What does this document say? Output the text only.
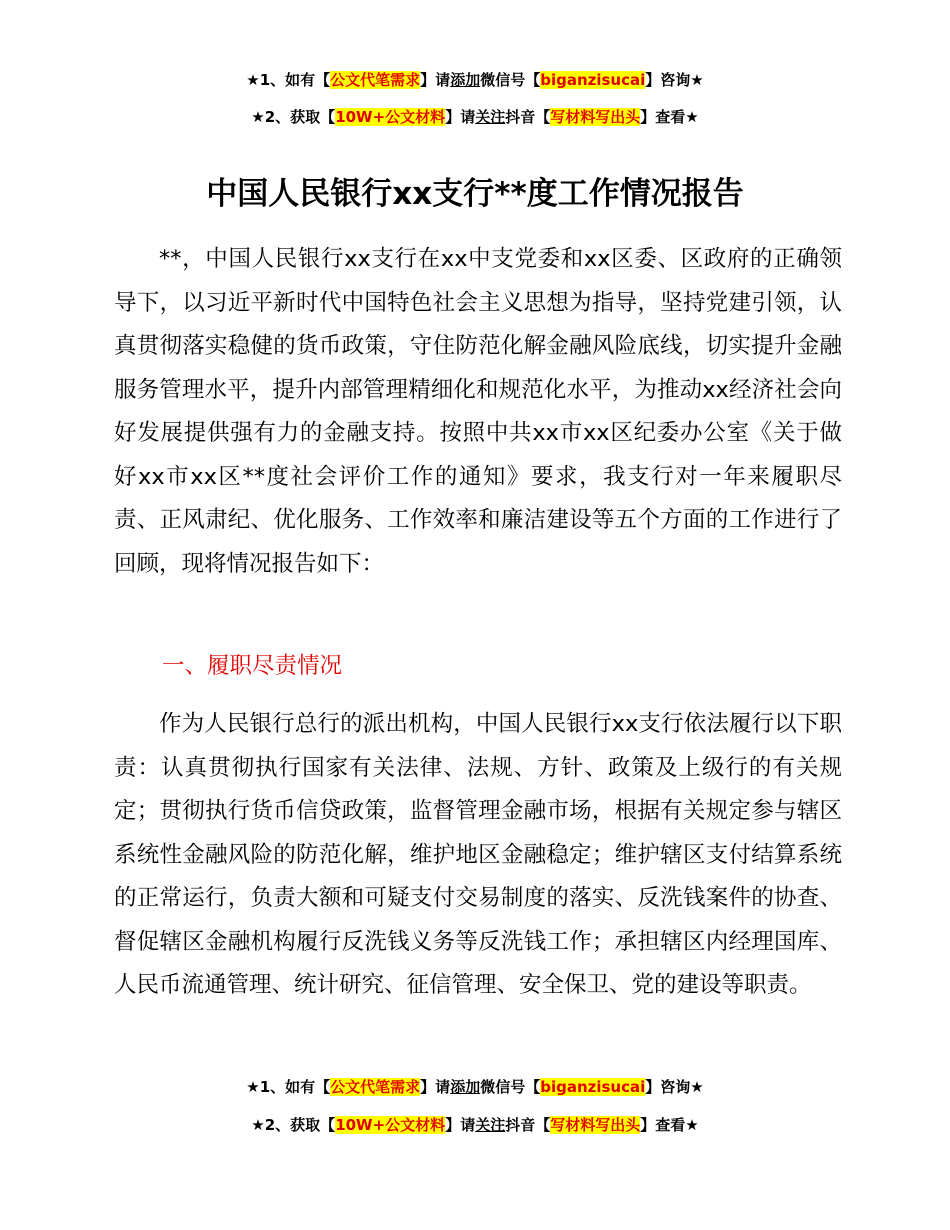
★1、如有【公文代笔需求】请添加微信号【biganzisucai】咨询★
★2、获取【10W+公文材料】请关注抖音【写材料写出头】查看★
中国人民银行xx支行**度工作情况报告
**，中国人民银行xx支行在xx中支党委和xx区委、区政府的正确领导下，以习近平新时代中国特色社会主义思想为指导，坚持党建引领，认真贯彻落实稳健的货币政策，守住防范化解金融风险底线，切实提升金融服务管理水平，提升内部管理精细化和规范化水平，为推动xx经济社会向好发展提供强有力的金融支持。按照中共xx市xx区纪委办公室《关于做好xx市xx区**度社会评价工作的通知》要求，我支行对一年来履职尽责、正风肃纪、优化服务、工作效率和廉洁建设等五个方面的工作进行了回顾，现将情况报告如下：
一、履职尽责情况
作为人民银行总行的派出机构，中国人民银行xx支行依法履行以下职责：认真贯彻执行国家有关法律、法规、方针、政策及上级行的有关规定；贯彻执行货币信贷政策，监督管理金融市场，根据有关规定参与辖区系统性金融风险的防范化解，维护地区金融稳定；维护辖区支付结算系统的正常运行，负责大额和可疑支付交易制度的落实、反洗钱案件的协查、督促辖区金融机构履行反洗钱义务等反洗钱工作；承担辖区内经理国库、人民币流通管理、统计研究、征信管理、安全保卫、党的建设等职责。
★1、如有【公文代笔需求】请添加微信号【biganzisucai】咨询★
★2、获取【10W+公文材料】请关注抖音【写材料写出头】查看★
